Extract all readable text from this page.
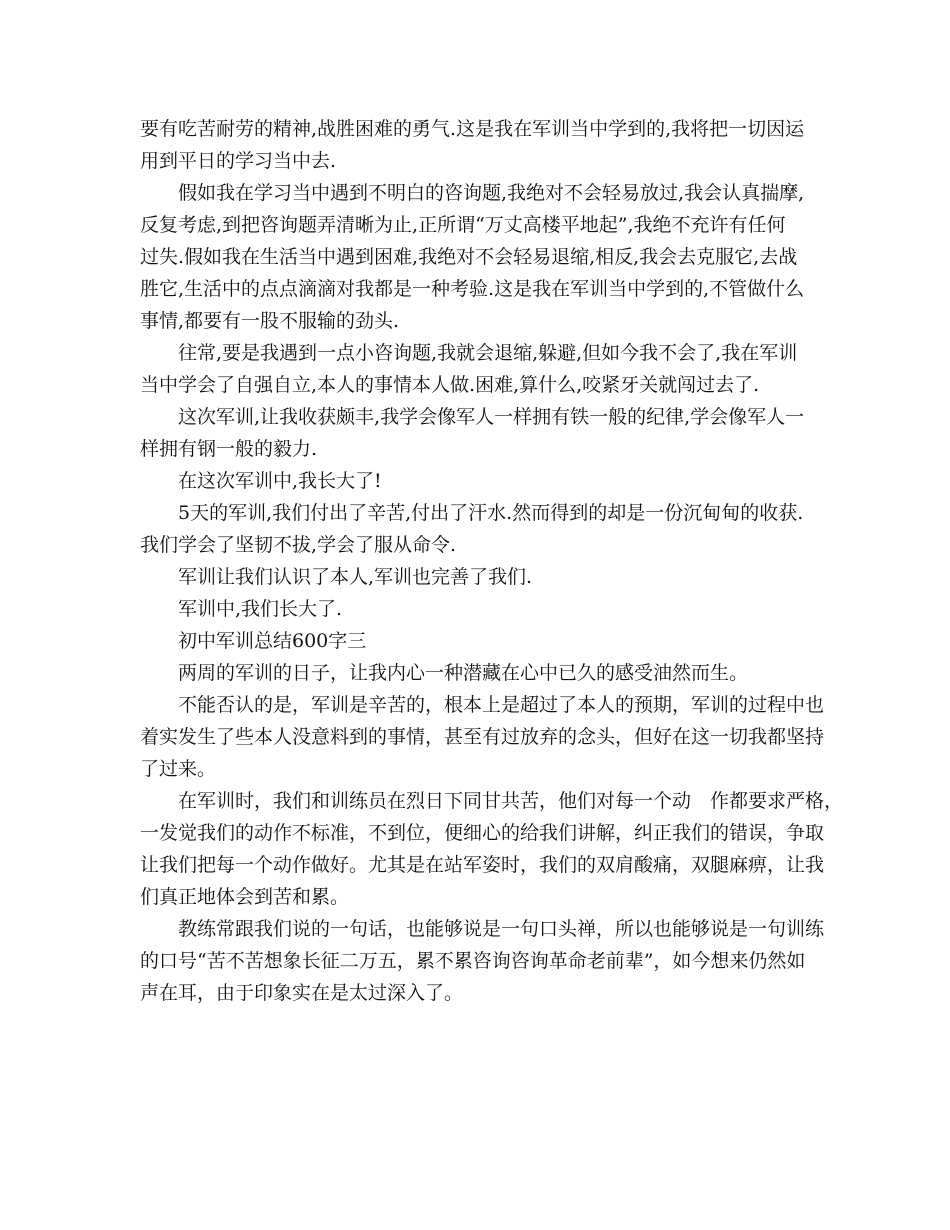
要有吃苦耐劳的精神,战胜困难的勇气.这是我在军训当中学到的,我将把一切因运
用到平日的学习当中去.
　　假如我在学习当中遇到不明白的咨询题,我绝对不会轻易放过,我会认真揣摩,
反复考虑,到把咨询题弄清晰为止,正所谓“万丈高楼平地起”,我绝不充许有任何
过失.假如我在生活当中遇到困难,我绝对不会轻易退缩,相反,我会去克服它,去战
胜它,生活中的点点滴滴对我都是一种考验.这是我在军训当中学到的,不管做什么
事情,都要有一股不服输的劲头.
　　往常,要是我遇到一点小咨询题,我就会退缩,躲避,但如今我不会了,我在军训
当中学会了自强自立,本人的事情本人做.困难,算什么,咬紧牙关就闯过去了.
　　这次军训,让我收获颇丰,我学会像军人一样拥有铁一般的纪律,学会像军人一
样拥有钢一般的毅力.
　　在这次军训中,我长大了!
　　5天的军训,我们付出了辛苦,付出了汗水.然而得到的却是一份沉甸甸的收获.
我们学会了坚韧不拔,学会了服从命令.
　　军训让我们认识了本人,军训也完善了我们.
　　军训中,我们长大了.
　　初中军训总结600字三
　　两周的军训的日子，让我内心一种潜藏在心中已久的感受油然而生。
　　不能否认的是，军训是辛苦的，根本上是超过了本人的预期，军训的过程中也
着实发生了些本人没意料到的事情，甚至有过放弃的念头，但好在这一切我都坚持
了过来。
　　在军训时，我们和训练员在烈日下同甘共苦，他们对每一个动　作都要求严格，
一发觉我们的动作不标准，不到位，便细心的给我们讲解，纠正我们的错误，争取
让我们把每一个动作做好。尤其是在站军姿时，我们的双肩酸痛，双腿麻痹，让我
们真正地体会到苦和累。
　　教练常跟我们说的一句话，也能够说是一句口头禅，所以也能够说是一句训练
的口号“苦不苦想象长征二万五，累不累咨询咨询革命老前辈”，如今想来仍然如
声在耳，由于印象实在是太过深入了。
